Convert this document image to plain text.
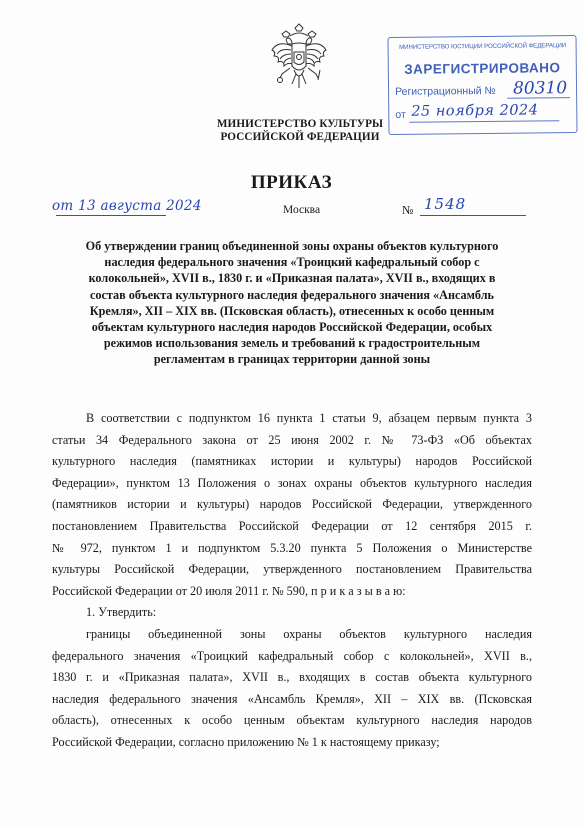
МИНИСТЕРСТВО КУЛЬТУРЫ
РОССИЙСКОЙ ФЕДЕРАЦИИ
МИНИСТЕРСТВО ЮСТИЦИИ РОССИЙСКОЙ ФЕДЕРАЦИИ
ЗАРЕГИСТРИРОВАНО
Регистрационный № 80310
от 25 ноября 2024
ПРИКАЗ
от 13 августа 2024	Москва	№ 1548
Об утверждении границ объединенной зоны охраны объектов культурного
наследия федерального значения «Троицкий кафедральный собор с
колокольней», XVII в., 1830 г. и «Приказная палата», XVII в., входящих в
состав объекта культурного наследия федерального значения «Ансамбль
Кремля», XII – XIX вв. (Псковская область), отнесенных к особо ценным
объектам культурного наследия народов Российской Федерации, особых
режимов использования земель и требований к градостроительным
регламентам в границах территории данной зоны
В соответствии с подпунктом 16 пункта 1 статьи 9, абзацем первым пункта 3
статьи 34 Федерального закона от 25 июня 2002 г. № 73-ФЗ «Об объектах
культурного наследия (памятниках истории и культуры) народов Российской
Федерации», пунктом 13 Положения о зонах охраны объектов культурного наследия
(памятников истории и культуры) народов Российской Федерации, утвержденного
постановлением Правительства Российской Федерации от 12 сентября 2015 г.
№ 972, пунктом 1 и подпунктом 5.3.20 пункта 5 Положения о Министерстве
культуры Российской Федерации, утвержденного постановлением Правительства
Российской Федерации от 20 июля 2011 г. № 590, п р и к а з ы в а ю:
1. Утвердить:
границы объединенной зоны охраны объектов культурного наследия
федерального значения «Троицкий кафедральный собор с колокольней», XVII в.,
1830 г. и «Приказная палата», XVII в., входящих в состав объекта культурного
наследия федерального значения «Ансамбль Кремля», XII – XIX вв. (Псковская
область), отнесенных к особо ценным объектам культурного наследия народов
Российской Федерации, согласно приложению № 1 к настоящему приказу;
